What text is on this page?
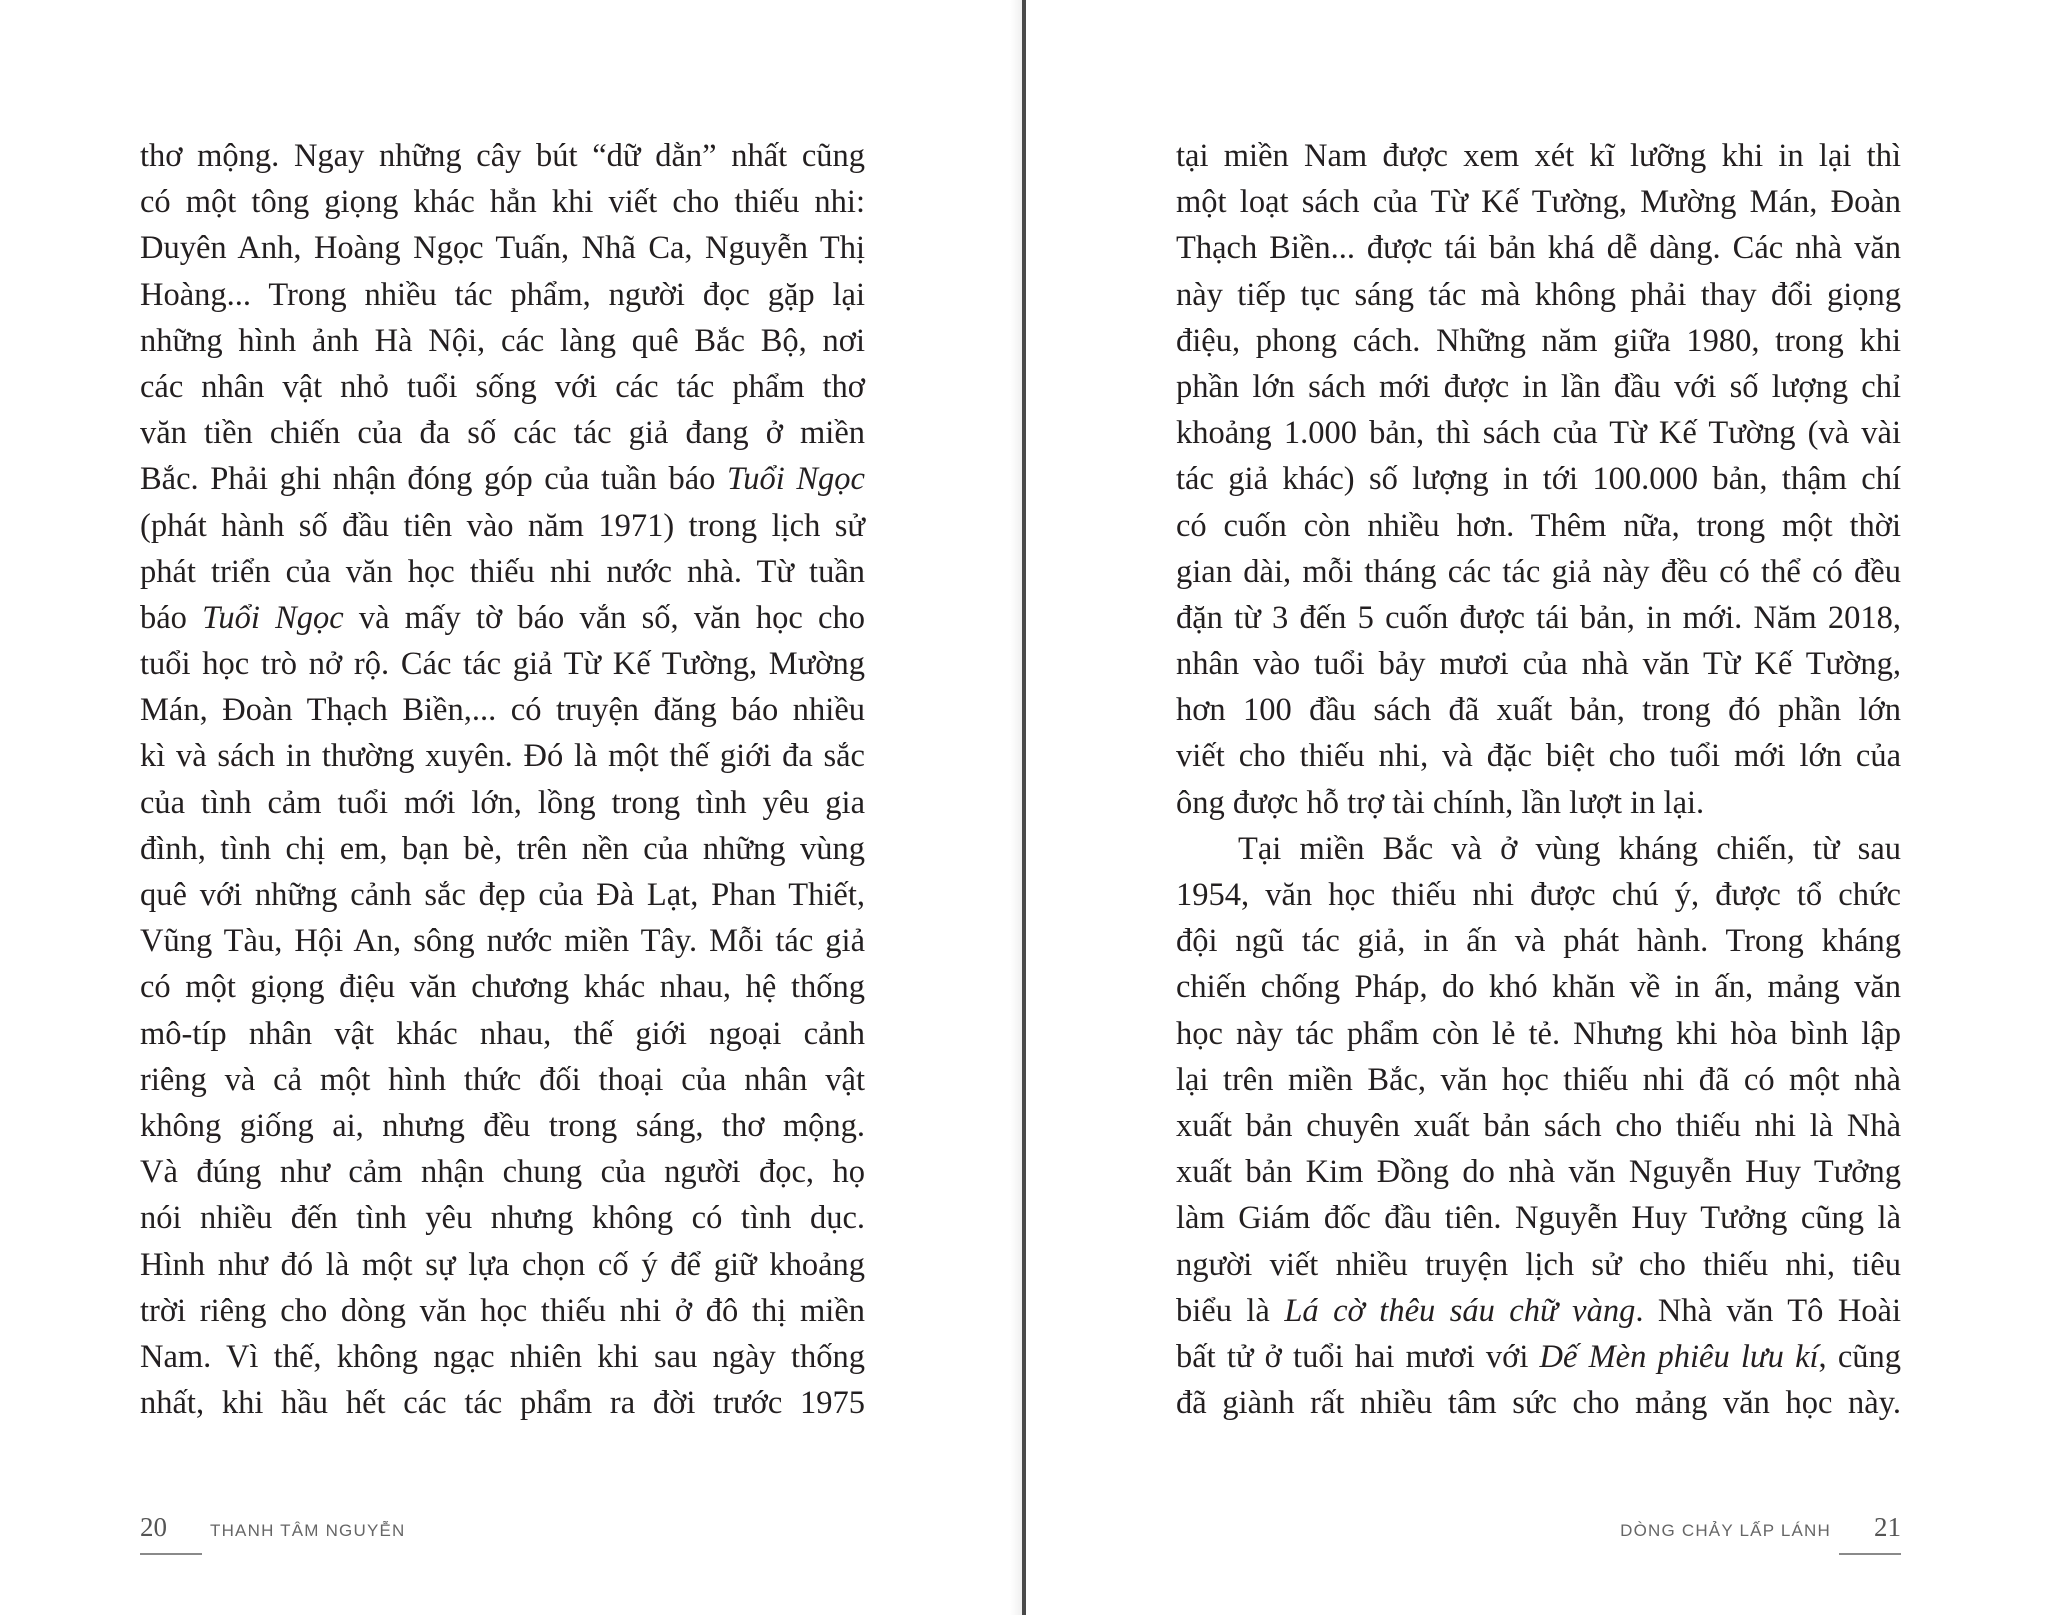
thơ mộng. Ngay những cây bút “dữ dằn” nhất cũng
có một tông giọng khác hẳn khi viết cho thiếu nhi:
Duyên Anh, Hoàng Ngọc Tuấn, Nhã Ca, Nguyễn Thị
Hoàng... Trong nhiều tác phẩm, người đọc gặp lại
những hình ảnh Hà Nội, các làng quê Bắc Bộ, nơi
các nhân vật nhỏ tuổi sống với các tác phẩm thơ
văn tiền chiến của đa số các tác giả đang ở miền
Bắc. Phải ghi nhận đóng góp của tuần báo Tuổi Ngọc
(phát hành số đầu tiên vào năm 1971) trong lịch sử
phát triển của văn học thiếu nhi nước nhà. Từ tuần
báo Tuổi Ngọc và mấy tờ báo vắn số, văn học cho
tuổi học trò nở rộ. Các tác giả Từ Kế Tường, Mường
Mán, Đoàn Thạch Biền,... có truyện đăng báo nhiều
kì và sách in thường xuyên. Đó là một thế giới đa sắc
của tình cảm tuổi mới lớn, lồng trong tình yêu gia
đình, tình chị em, bạn bè, trên nền của những vùng
quê với những cảnh sắc đẹp của Đà Lạt, Phan Thiết,
Vũng Tàu, Hội An, sông nước miền Tây. Mỗi tác giả
có một giọng điệu văn chương khác nhau, hệ thống
mô-típ nhân vật khác nhau, thế giới ngoại cảnh
riêng và cả một hình thức đối thoại của nhân vật
không giống ai, nhưng đều trong sáng, thơ mộng.
Và đúng như cảm nhận chung của người đọc, họ
nói nhiều đến tình yêu nhưng không có tình dục.
Hình như đó là một sự lựa chọn cố ý để giữ khoảng
trời riêng cho dòng văn học thiếu nhi ở đô thị miền
Nam. Vì thế, không ngạc nhiên khi sau ngày thống
nhất, khi hầu hết các tác phẩm ra đời trước 1975
20	THANH TÂM NGUYỄN
tại miền Nam được xem xét kĩ lưỡng khi in lại thì
một loạt sách của Từ Kế Tường, Mường Mán, Đoàn
Thạch Biền... được tái bản khá dễ dàng. Các nhà văn
này tiếp tục sáng tác mà không phải thay đổi giọng
điệu, phong cách. Những năm giữa 1980, trong khi
phần lớn sách mới được in lần đầu với số lượng chỉ
khoảng 1.000 bản, thì sách của Từ Kế Tường (và vài
tác giả khác) số lượng in tới 100.000 bản, thậm chí
có cuốn còn nhiều hơn. Thêm nữa, trong một thời
gian dài, mỗi tháng các tác giả này đều có thể có đều
đặn từ 3 đến 5 cuốn được tái bản, in mới. Năm 2018,
nhân vào tuổi bảy mươi của nhà văn Từ Kế Tường,
hơn 100 đầu sách đã xuất bản, trong đó phần lớn
viết cho thiếu nhi, và đặc biệt cho tuổi mới lớn của
ông được hỗ trợ tài chính, lần lượt in lại.
Tại miền Bắc và ở vùng kháng chiến, từ sau
1954, văn học thiếu nhi được chú ý, được tổ chức
đội ngũ tác giả, in ấn và phát hành. Trong kháng
chiến chống Pháp, do khó khăn về in ấn, mảng văn
học này tác phẩm còn lẻ tẻ. Nhưng khi hòa bình lập
lại trên miền Bắc, văn học thiếu nhi đã có một nhà
xuất bản chuyên xuất bản sách cho thiếu nhi là Nhà
xuất bản Kim Đồng do nhà văn Nguyễn Huy Tưởng
làm Giám đốc đầu tiên. Nguyễn Huy Tưởng cũng là
người viết nhiều truyện lịch sử cho thiếu nhi, tiêu
biểu là Lá cờ thêu sáu chữ vàng. Nhà văn Tô Hoài
bất tử ở tuổi hai mươi với Dế Mèn phiêu lưu kí, cũng
đã giành rất nhiều tâm sức cho mảng văn học này.
DÒNG CHẢY LẤP LÁNH 21
